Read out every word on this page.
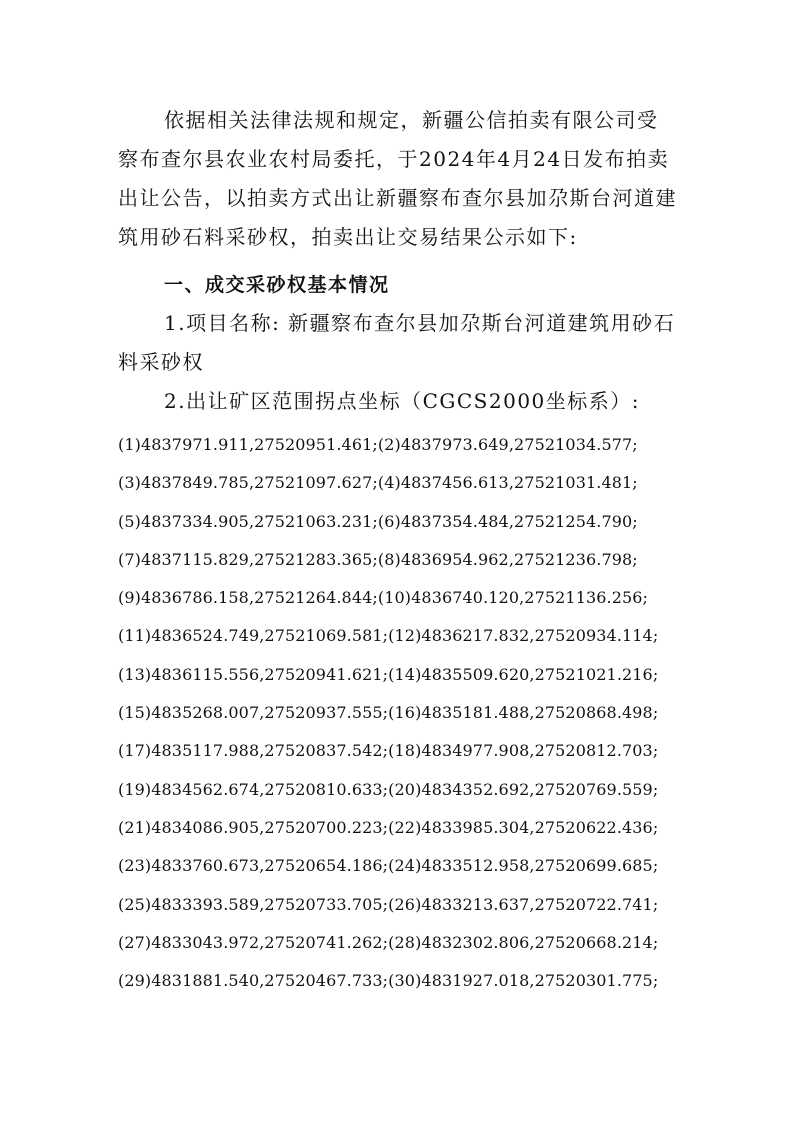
依据相关法律法规和规定，新疆公信拍卖有限公司受察布查尔县农业农村局委托，于2024年4月24日发布拍卖出让公告，以拍卖方式出让新疆察布查尔县加尕斯台河道建筑用砂石料采砂权，拍卖出让交易结果公示如下:

一、成交采砂权基本情况

1.项目名称: 新疆察布查尔县加尕斯台河道建筑用砂石料采砂权

2.出让矿区范围拐点坐标（CGCS2000坐标系）:

(1)4837971.911,27520951.461;(2)4837973.649,27521034.577;
(3)4837849.785,27521097.627;(4)4837456.613,27521031.481;
(5)4837334.905,27521063.231;(6)4837354.484,27521254.790;
(7)4837115.829,27521283.365;(8)4836954.962,27521236.798;
(9)4836786.158,27521264.844;(10)4836740.120,27521136.256;
(11)4836524.749,27521069.581;(12)4836217.832,27520934.114;
(13)4836115.556,27520941.621;(14)4835509.620,27521021.216;
(15)4835268.007,27520937.555;(16)4835181.488,27520868.498;
(17)4835117.988,27520837.542;(18)4834977.908,27520812.703;
(19)4834562.674,27520810.633;(20)4834352.692,27520769.559;
(21)4834086.905,27520700.223;(22)4833985.304,27520622.436;
(23)4833760.673,27520654.186;(24)4833512.958,27520699.685;
(25)4833393.589,27520733.705;(26)4833213.637,27520722.741;
(27)4833043.972,27520741.262;(28)4832302.806,27520668.214;
(29)4831881.540,27520467.733;(30)4831927.018,27520301.775;
